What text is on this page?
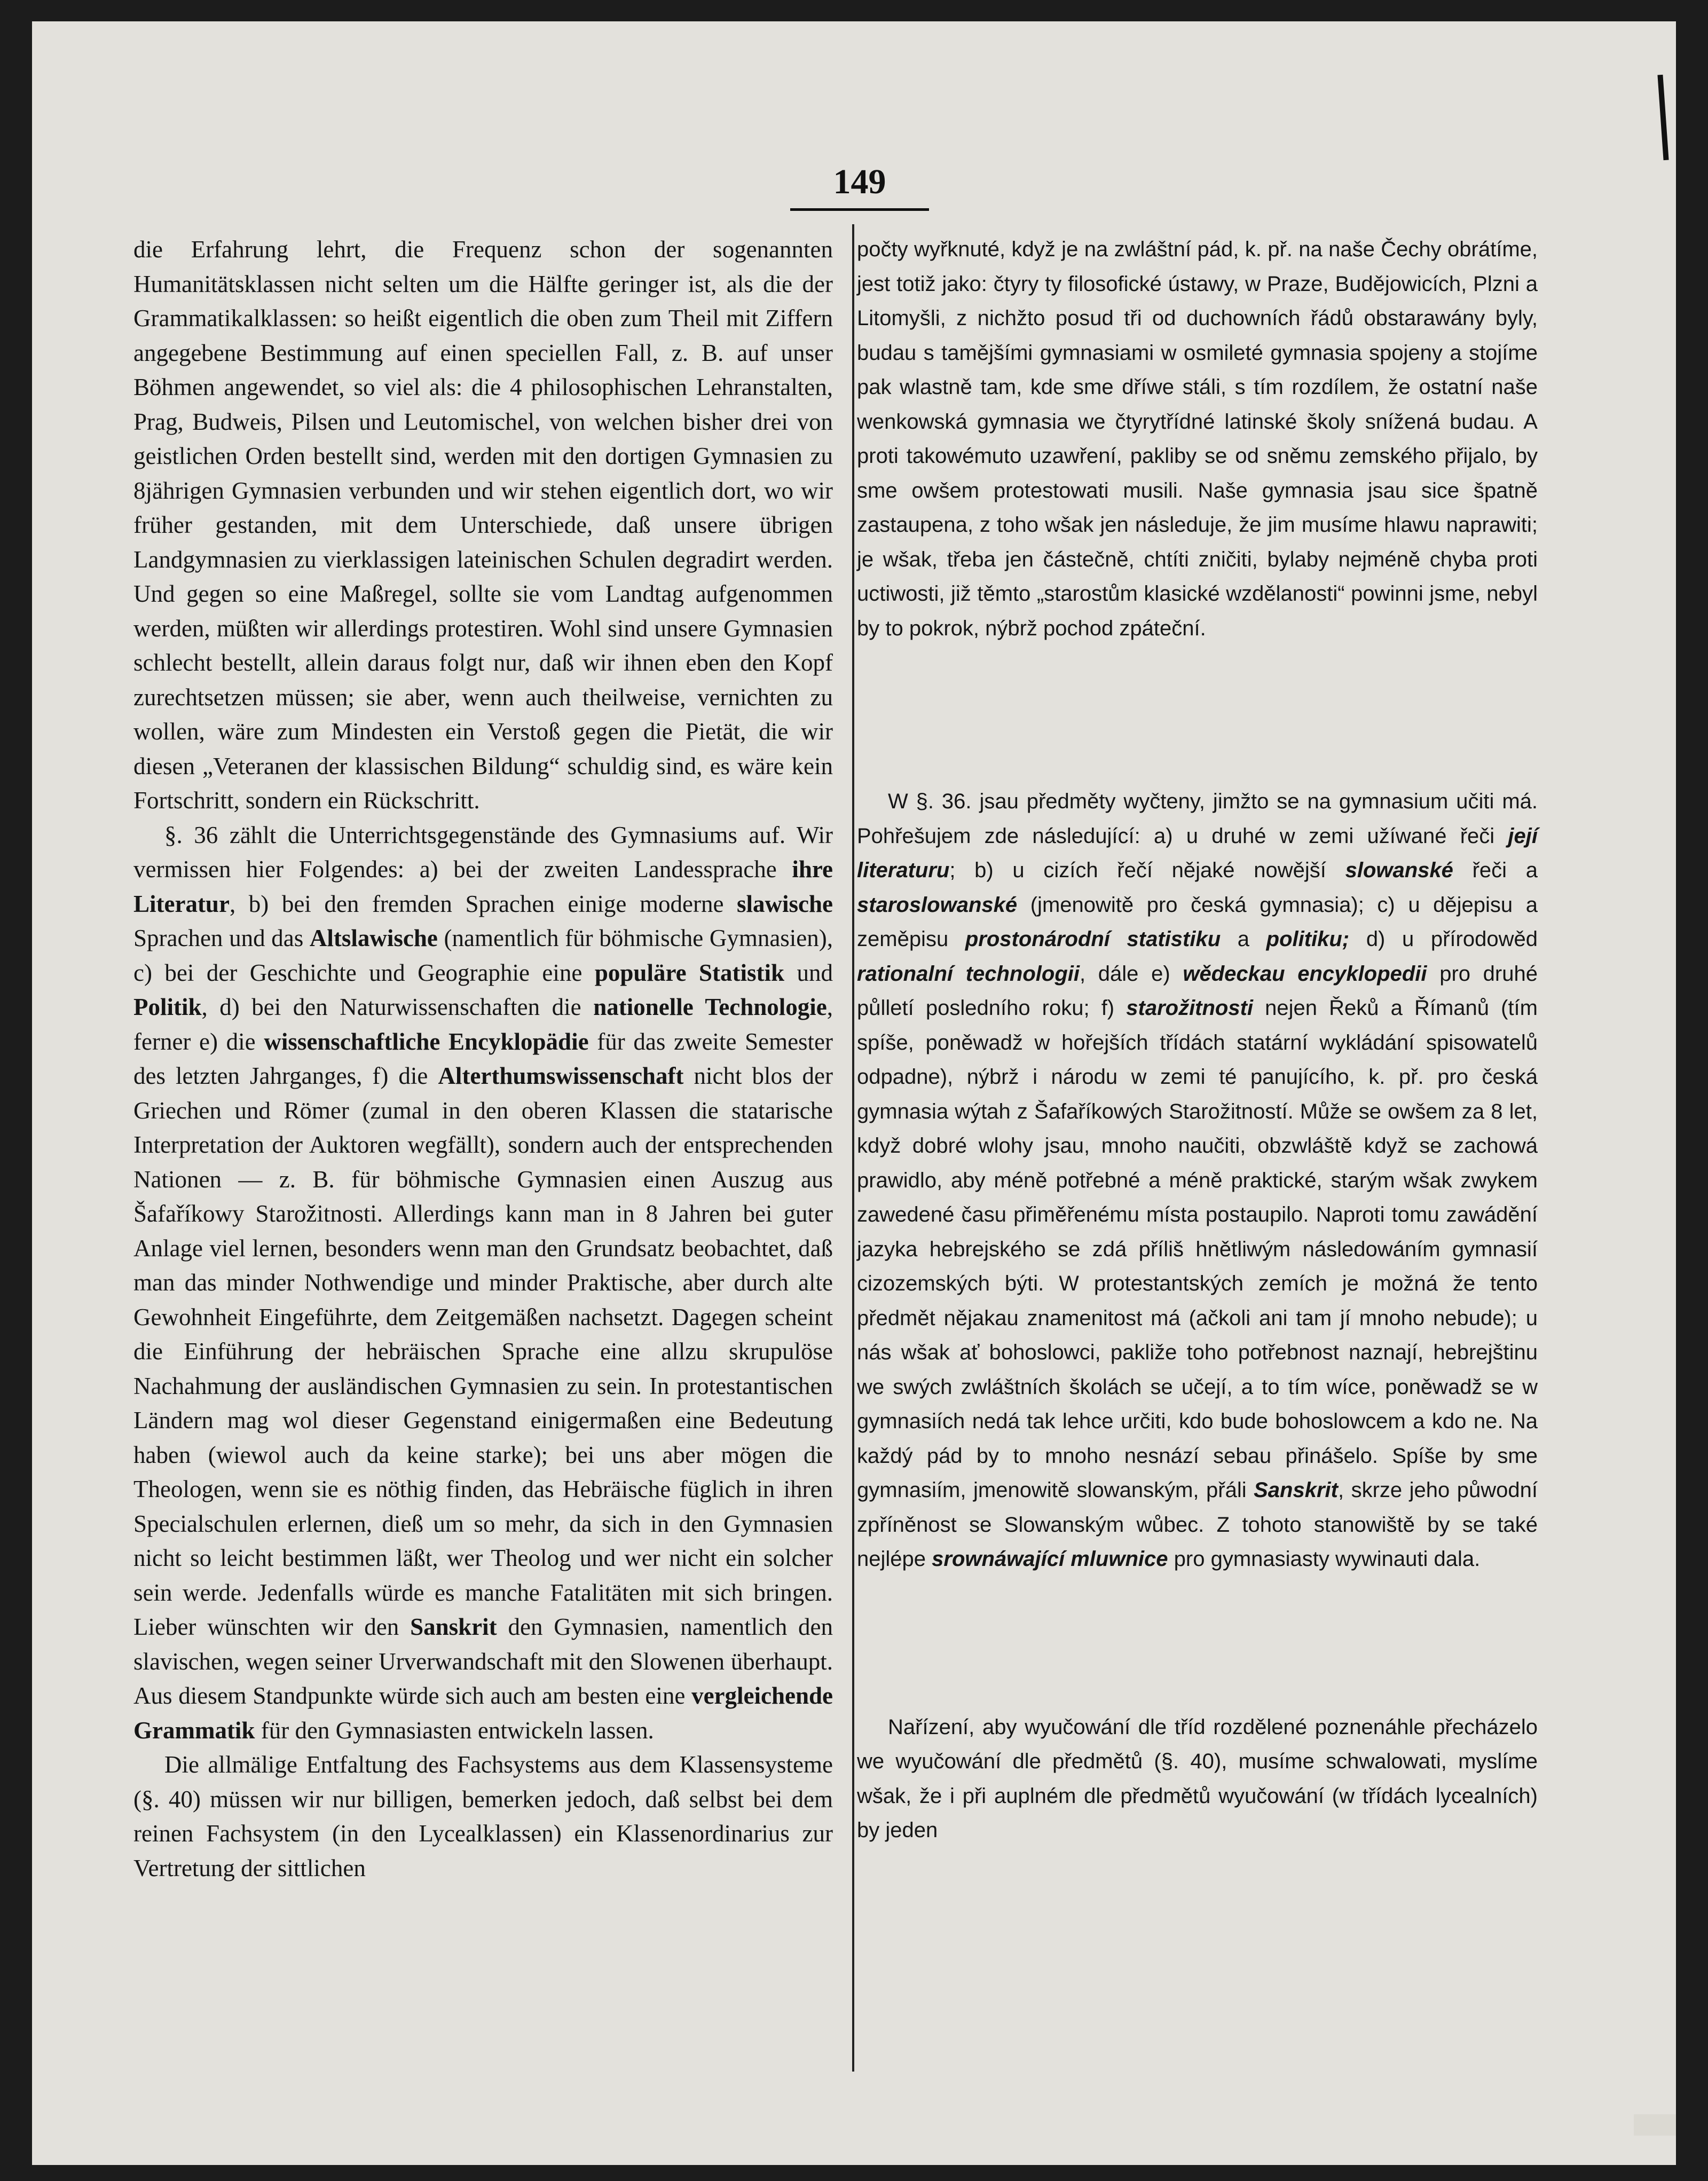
149

die Erfahrung lehrt, die Frequenz schon der sogenannten Humanitätsklassen nicht selten um die Hälfte geringer ist, als die der Grammatikalklassen: so heißt eigentlich die oben zum Theil mit Ziffern angegebene Bestimmung auf einen speciellen Fall, z. B. auf unser Böhmen angewendet, so viel als: die 4 philosophischen Lehranstalten, Prag, Budweis, Pilsen und Leutomischel, von welchen bisher drei von geistlichen Orden bestellt sind, werden mit den dortigen Gymnasien zu 8jährigen Gymnasien verbunden und wir stehen eigentlich dort, wo wir früher gestanden, mit dem Unterschiede, daß unsere übrigen Landgymnasien zu vierklassigen lateinischen Schulen degradirt werden. Und gegen so eine Maßregel, sollte sie vom Landtag aufgenommen werden, müßten wir allerdings protestiren. Wohl sind unsere Gymnasien schlecht bestellt, allein daraus folgt nur, daß wir ihnen eben den Kopf zurechtsetzen müssen; sie aber, wenn auch theilweise, vernichten zu wollen, wäre zum Mindesten ein Verstoß gegen die Pietät, die wir diesen „Veteranen der klassischen Bildung“ schuldig sind, es wäre kein Fortschritt, sondern ein Rückschritt.

§. 36 zählt die Unterrichtsgegenstände des Gymnasiums auf. Wir vermissen hier Folgendes: a) bei der zweiten Landessprache ihre Literatur, b) bei den fremden Sprachen einige moderne slawische Sprachen und das Altslawische (namentlich für böhmische Gymnasien), c) bei der Geschichte und Geographie eine populäre Statistik und Politik, d) bei den Naturwissenschaften die nationelle Technologie, ferner e) die wissenschaftliche Encyklopädie für das zweite Semester des letzten Jahrganges, f) die Alterthumswissenschaft nicht blos der Griechen und Römer (zumal in den oberen Klassen die statarische Interpretation der Auktoren wegfällt), sondern auch der entsprechenden Nationen — z. B. für böhmische Gymnasien einen Auszug aus Šafaříkowy Starožitnosti. Allerdings kann man in 8 Jahren bei guter Anlage viel lernen, besonders wenn man den Grundsatz beobachtet, daß man das minder Nothwendige und minder Praktische, aber durch alte Gewohnheit Eingeführte, dem Zeitgemäßen nachsetzt. Dagegen scheint die Einführung der hebräischen Sprache eine allzu skrupulöse Nachahmung der ausländischen Gymnasien zu sein. In protestantischen Ländern mag wol dieser Gegenstand einigermaßen eine Bedeutung haben (wiewol auch da keine starke); bei uns aber mögen die Theologen, wenn sie es nöthig finden, das Hebräische füglich in ihren Specialschulen erlernen, dieß um so mehr, da sich in den Gymnasien nicht so leicht bestimmen läßt, wer Theolog und wer nicht ein solcher sein werde. Jedenfalls würde es manche Fatalitäten mit sich bringen. Lieber wünschten wir den Sanskrit den Gymnasien, namentlich den slavischen, wegen seiner Urverwandschaft mit den Slowenen überhaupt. Aus diesem Standpunkte würde sich auch am besten eine vergleichende Grammatik für den Gymnasiasten entwickeln lassen.

Die allmälige Entfaltung des Fachsystems aus dem Klassensysteme (§. 40) müssen wir nur billigen, bemerken jedoch, daß selbst bei dem reinen Fachsystem (in den Lycealklassen) ein Klassenordinarius zur Vertretung der sittlichen

počty wyřknuté, když je na zwláštní pád, k. př. na naše Čechy obrátíme, jest totiž jako: čtyry ty filosofické ústawy, w Praze, Budějowicích, Plzni a Litomyšli, z nichžto posud tři od duchowních řádů obstarawány byly, budau s tamějšími gymnasiami w osmileté gymnasia spojeny a stojíme pak wlastně tam, kde sme dříwe stáli, s tím rozdílem, že ostatní naše wenkowská gymnasia we čtyrytřídné latinské školy snížená budau. A proti takowémuto uzawření, pakliby se od sněmu zemského přijalo, by sme owšem protestowati musili. Naše gymnasia jsau sice špatně zastaupena, z toho wšak jen následuje, že jim musíme hlawu naprawiti; je wšak, třeba jen částečně, chtíti zničiti, bylaby nejméně chyba proti uctiwosti, již těmto „starostům klasické wzdělanosti“ powinni jsme, nebyl by to pokrok, nýbrž pochod zpáteční.

W §. 36. jsau předměty wyčteny, jimžto se na gymnasium učiti má. Pohřešujem zde následující: a) u druhé w zemi užíwané řeči její literaturu; b) u cizích řečí nějaké nowější slowanské řeči a staroslowanské (jmenowitě pro česká gymnasia); c) u dějepisu a zeměpisu prostonárodní statistiku a politiku; d) u přírodowěd rationalní technologii, dále e) wědeckau encyklopedii pro druhé půlletí posledního roku; f) starožitnosti nejen Řeků a Římanů (tím spíše, poněwadž w hořejších třídách statární wykládání spisowatelů odpadne), nýbrž i národu w zemi té panujícího, k. př. pro česká gymnasia wýtah z Šafaříkowých Starožitností. Může se owšem za 8 let, když dobré wlohy jsau, mnoho naučiti, obzwláště když se zachowá prawidlo, aby méně potřebné a méně praktické, starým wšak zwykem zawedené času přiměřenému místa postaupilo. Naproti tomu zawádění jazyka hebrejského se zdá příliš hnětliwým následowáním gymnasií cizozemských býti. W protestantských zemích je možná že tento předmět nějakau znamenitost má (ačkoli ani tam jí mnoho nebude); u nás wšak ať bohoslowci, pakliže toho potřebnost naznají, hebrejštinu we swých zwláštních školách se učejí, a to tím wíce, poněwadž se w gymnasiích nedá tak lehce určiti, kdo bude bohoslowcem a kdo ne. Na každý pád by to mnoho nesnází sebau přinášelo. Spíše by sme gymnasiím, jmenowitě slowanským, přáli Sanskrit, skrze jeho půwodní zpříněnost se Slowanským wůbec. Z tohoto stanowiště by se také nejlépe srownáwající mluwnice pro gymnasiasty wywinauti dala.

Nařízení, aby wyučowání dle tříd rozdělené poznenáhle přecházelo we wyučowání dle předmětů (§. 40), musíme schwalowati, myslíme wšak, že i při auplném dle předmětů wyučowání (w třídách lycealních) by jeden
